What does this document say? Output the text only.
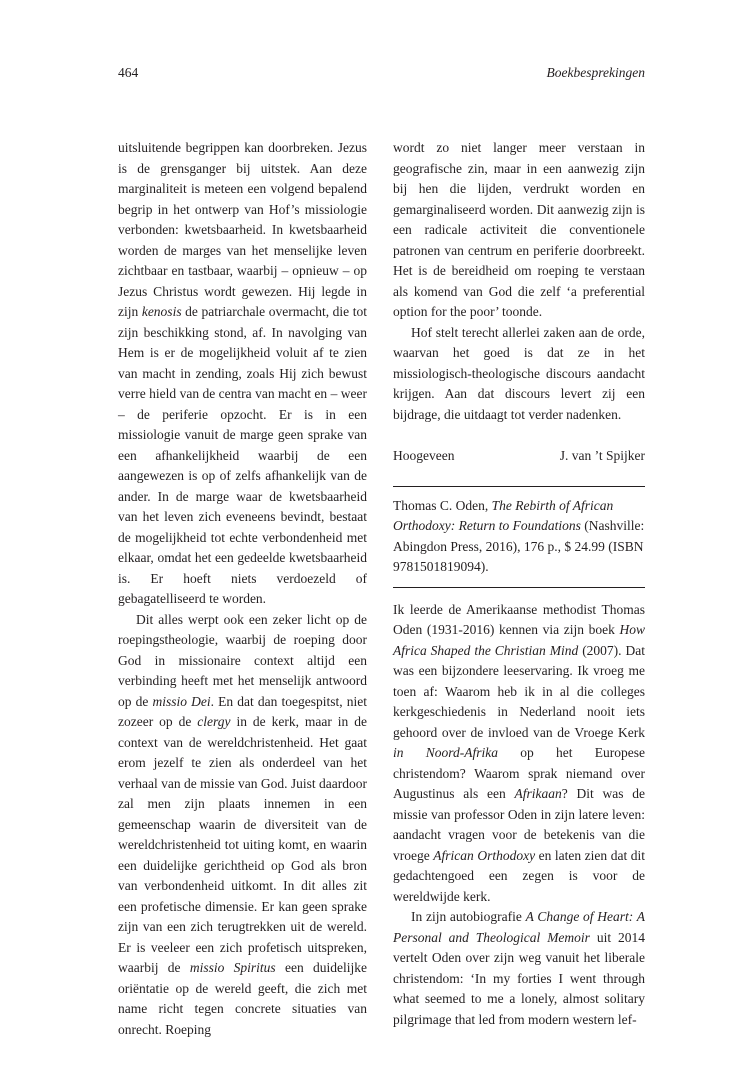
464	Boekbesprekingen

uitsluitende begrippen kan doorbreken. Jezus is de grensganger bij uitstek. Aan deze marginaliteit is meteen een volgend bepalend begrip in het ontwerp van Hof’s missiologie verbonden: kwetsbaarheid. In kwetsbaarheid worden de marges van het menselijke leven zichtbaar en tastbaar, waarbij – opnieuw – op Jezus Christus wordt gewezen. Hij legde in zijn kenosis de patriarchale overmacht, die tot zijn beschikking stond, af. In navolging van Hem is er de mogelijkheid voluit af te zien van macht in zending, zoals Hij zich bewust verre hield van de centra van macht en – weer – de periferie opzocht. Er is in een missiologie vanuit de marge geen sprake van een afhankelijkheid waarbij de een aangewezen is op of zelfs afhankelijk van de ander. In de marge waar de kwetsbaarheid van het leven zich eveneens bevindt, bestaat de mogelijkheid tot echte verbondenheid met elkaar, omdat het een gedeelde kwetsbaarheid is. Er hoeft niets verdoezeld of gebagatelliseerd te worden.

Dit alles werpt ook een zeker licht op de roepingstheologie, waarbij de roeping door God in missionaire context altijd een verbinding heeft met het menselijk antwoord op de missio Dei. En dat dan toegespitst, niet zozeer op de clergy in de kerk, maar in de context van de wereldchristenheid. Het gaat erom jezelf te zien als onderdeel van het verhaal van de missie van God. Juist daardoor zal men zijn plaats innemen in een gemeenschap waarin de diversiteit van de wereldchristenheid tot uiting komt, en waarin een duidelijke gerichtheid op God als bron van verbondenheid uitkomt. In dit alles zit een profetische dimensie. Er kan geen sprake zijn van een zich terugtrekken uit de wereld. Er is veeleer een zich profetisch uitspreken, waarbij de missio Spiritus een duidelijke oriëntatie op de wereld geeft, die zich met name richt tegen concrete situaties van onrecht. Roeping

wordt zo niet langer meer verstaan in geografische zin, maar in een aanwezig zijn bij hen die lijden, verdrukt worden en gemarginaliseerd worden. Dit aanwezig zijn is een radicale activiteit die conventionele patronen van centrum en periferie doorbreekt. Het is de bereidheid om roeping te verstaan als komend van God die zelf ‘a preferential option for the poor’ toonde.

Hof stelt terecht allerlei zaken aan de orde, waarvan het goed is dat ze in het missiologisch-theologische discours aandacht krijgen. Aan dat discours levert zij een bijdrage, die uitdaagt tot verder nadenken.

Hoogeveen	J. van ’t Spijker

Thomas C. Oden, The Rebirth of African Orthodoxy: Return to Foundations (Nashville: Abingdon Press, 2016), 176 p., $ 24.99 (ISBN 9781501819094).

Ik leerde de Amerikaanse methodist Thomas Oden (1931-2016) kennen via zijn boek How Africa Shaped the Christian Mind (2007). Dat was een bijzondere leeservaring. Ik vroeg me toen af: Waarom heb ik in al die colleges kerkgeschiedenis in Nederland nooit iets gehoord over de invloed van de Vroege Kerk in Noord-Afrika op het Europese christendom? Waarom sprak niemand over Augustinus als een Afrikaan? Dit was de missie van professor Oden in zijn latere leven: aandacht vragen voor de betekenis van die vroege African Orthodoxy en laten zien dat dit gedachtengoed een zegen is voor de wereldwijde kerk.

In zijn autobiografie A Change of Heart: A Personal and Theological Memoir uit 2014 vertelt Oden over zijn weg vanuit het liberale christendom: ‘In my forties I went through what seemed to me a lonely, almost solitary pilgrimage that led from modern western lef-
